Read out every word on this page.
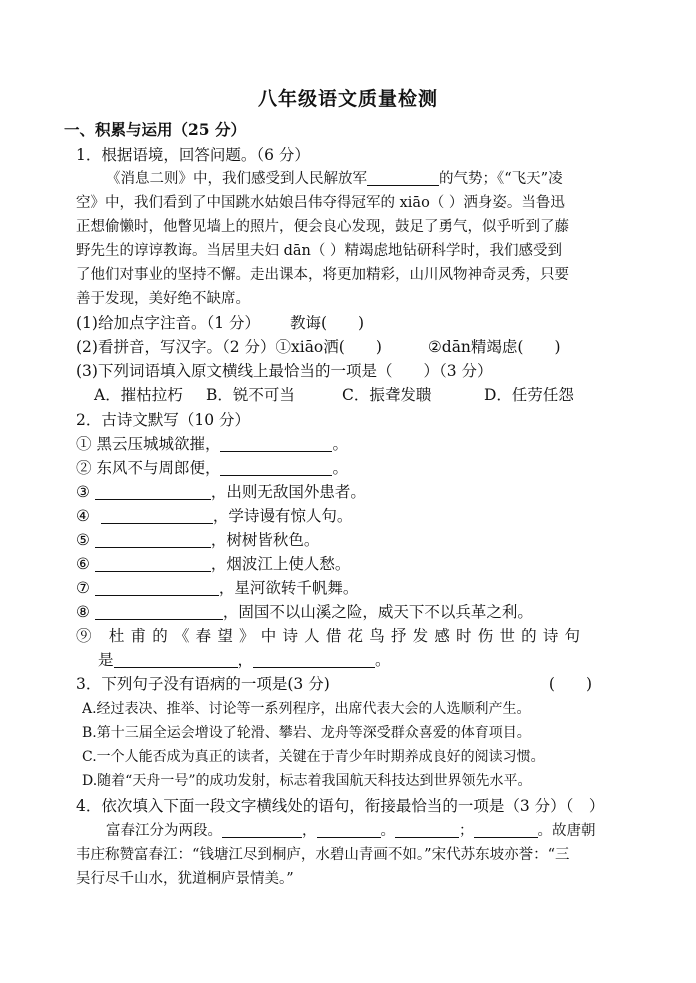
八年级语文质量检测
一、积累与运用（25 分）
1．根据语境，回答问题。（6 分）
《消息二则》中，我们感受到人民解放军	的气势；《“飞天”凌
空》中，我们看到了中国跳水姑娘吕伟夺得冠军的 xiāo（ ）洒身姿。当鲁迅
正想偷懒时，他瞥见墙上的照片，便会良心发现，鼓足了勇气，似乎听到了藤
野先生的谆谆教诲。当居里夫妇 dān（ ）精竭虑地钻研科学时，我们感受到
了他们对事业的坚持不懈。走出课本，将更加精彩，山川风物神奇灵秀，只要
善于发现，美好绝不缺席。
(1)给加点字注音。（1 分） 教诲(　　)
(2)看拼音，写汉字。（2 分）①xiāo洒(　　)	②dān精竭虑(　　)
(3)下列词语填入原文横线上最恰当的一项是（　　）（3 分）
A．摧枯拉朽 B．锐不可当	C．振聋发聩	D．任劳任怨
2．古诗文默写（10 分）
① 黑云压城城欲摧，	。
② 东风不与周郎便，	。
③	，出则无敌国外患者。
④	，学诗谩有惊人句。
⑤	，树树皆秋色。
⑥	，烟波江上使人愁。
⑦	，星河欲转千帆舞。
⑧	，固国不以山溪之险，威天下不以兵革之利。
⑨ 杜甫的《春望》中诗人借花鸟抒发感时伤世的诗句
是	，	。
3．下列句子没有语病的一项是(3 分)	(　　)
A.经过表决、推举、讨论等一系列程序，出席代表大会的人选顺利产生。
B.第十三届全运会增设了轮滑、攀岩、龙舟等深受群众喜爱的体育项目。
C.一个人能否成为真正的读者，关键在于青少年时期养成良好的阅读习惯。
D.随着“天舟一号”的成功发射，标志着我国航天科技达到世界领先水平。
4．依次填入下面一段文字横线处的语句，衔接最恰当的一项是（3 分）（　）
富春江分为两段。	，	。	；	。故唐朝
韦庄称赞富春江：“钱塘江尽到桐庐，水碧山青画不如。”宋代苏东坡亦誉：“三
吴行尽千山水，犹道桐庐景情美。”
